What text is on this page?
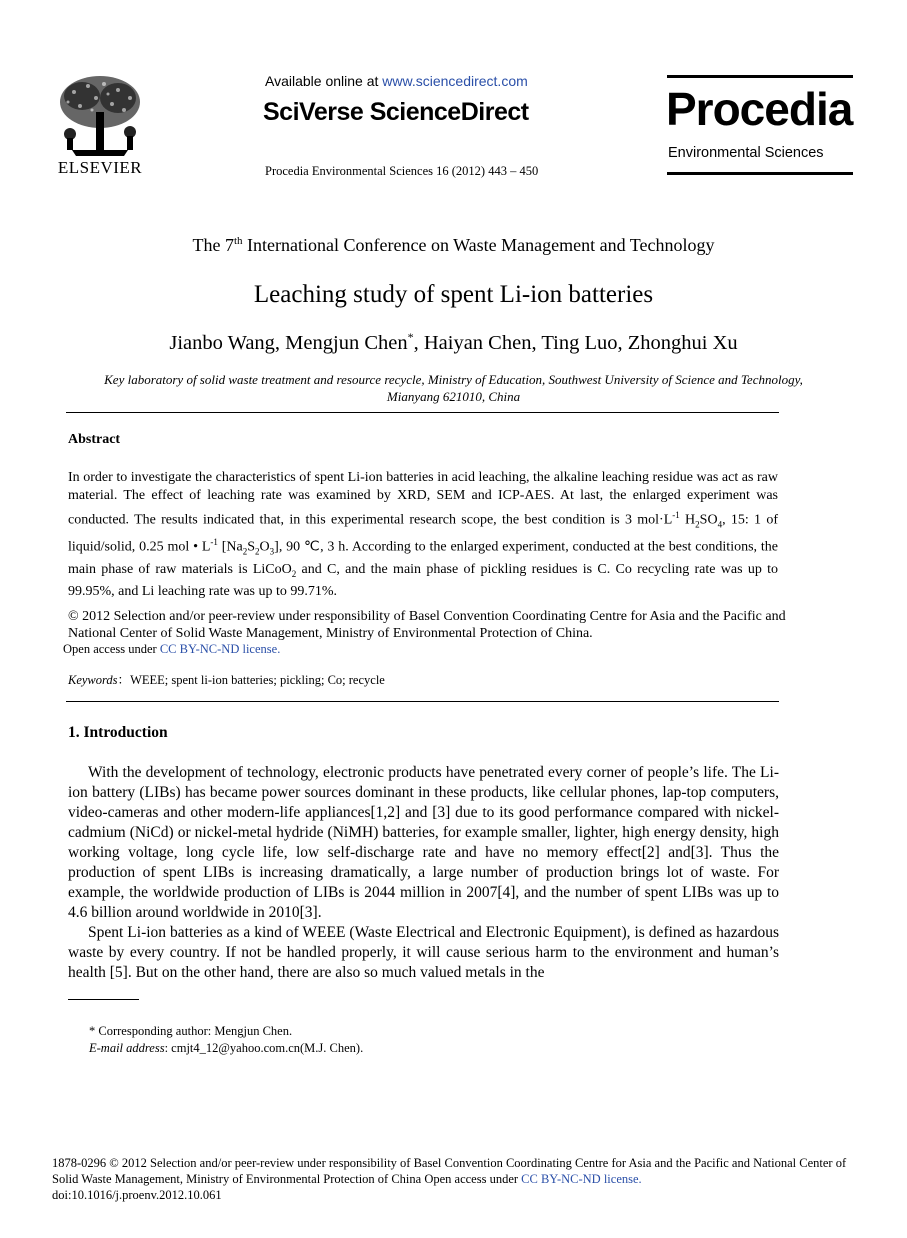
ELSEVIER
Available online at www.sciencedirect.com
SciVerse ScienceDirect
Procedia Environmental Sciences 16 (2012) 443 – 450
Procedia
Environmental Sciences
The 7th International Conference on Waste Management and Technology
Leaching study of spent Li-ion batteries
Jianbo Wang, Mengjun Chen*, Haiyan Chen, Ting Luo, Zhonghui Xu
Key laboratory of solid waste treatment and resource recycle, Ministry of Education, Southwest University of Science and Technology, Mianyang 621010, China
Abstract
In order to investigate the characteristics of spent Li-ion batteries in acid leaching, the alkaline leaching residue was act as raw material. The effect of leaching rate was examined by XRD, SEM and ICP-AES. At last, the enlarged experiment was conducted. The results indicated that, in this experimental research scope, the best condition is 3 $mol\cdot L^{-1}$ $H_2SO_4$, 15: 1 of liquid/solid, 0.25 mol • $L^{-1}$ $[Na_2S_2O_3]$, 90 ℃, 3 h. According to the enlarged experiment, conducted at the best conditions, the main phase of raw materials is LiCoO$_2$ and C, and the main phase of pickling residues is C. Co recycling rate was up to 99.95%, and Li leaching rate was up to 99.71%.
© 2012 Selection and/or peer-review under responsibility of Basel Convention Coordinating Centre for Asia and the Pacific and National Center of Solid Waste Management, Ministry of Environmental Protection of China.
Open access under CC BY-NC-ND license.
Keywords：WEEE; spent li-ion batteries; pickling; Co; recycle
1. Introduction

With the development of technology, electronic products have penetrated every corner of people’s life. The Li-ion battery (LIBs) has became power sources dominant in these products, like cellular phones, lap-top computers, video-cameras and other modern-life appliances[1,2] and [3] due to its good performance compared with nickel-cadmium (NiCd) or nickel-metal hydride (NiMH) batteries, for example smaller, lighter, high energy density, high working voltage, long cycle life, low self-discharge rate and have no memory effect[2] and[3]. Thus the production of spent LIBs is increasing dramatically, a large number of production brings lot of waste. For example, the worldwide production of LIBs is 2044 million in 2007[4], and the number of spent LIBs was up to 4.6 billion around worldwide in 2010[3].

Spent Li-ion batteries as a kind of WEEE (Waste Electrical and Electronic Equipment), is defined as hazardous waste by every country. If not be handled properly, it will cause serious harm to the environment and human’s health [5]. But on the other hand, there are also so much valued metals in the

* Corresponding author: Mengjun Chen.
E-mail address: cmjt4_12@yahoo.com.cn(M.J. Chen).
1878-0296 © 2012 Selection and/or peer-review under responsibility of Basel Convention Coordinating Centre for Asia and the Pacific and National Center of Solid Waste Management, Ministry of Environmental Protection of China Open access under CC BY-NC-ND license.
doi:10.1016/j.proenv.2012.10.061
